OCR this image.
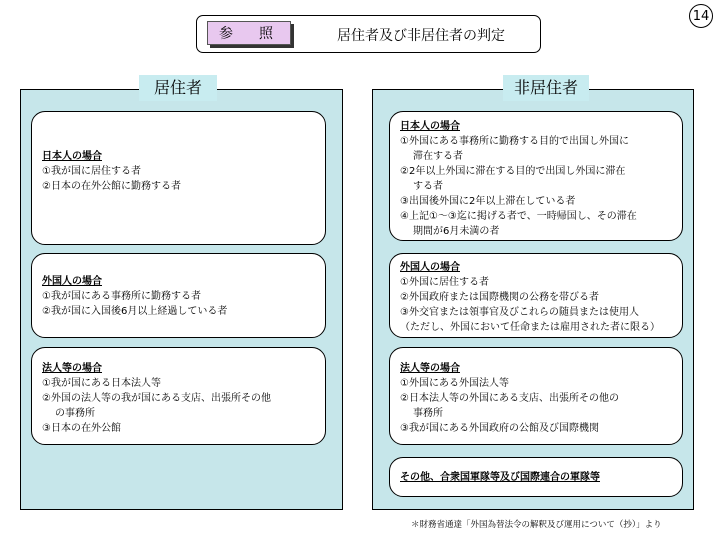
14
参　照	居住者及び非居住者の判定
居住者
日本人の場合
①我が国に居住する者
②日本の在外公館に勤務する者
外国人の場合
①我が国にある事務所に勤務する者
②我が国に入国後6月以上経過している者
法人等の場合
①我が国にある日本法人等
②外国の法人等の我が国にある支店、出張所その他
の事務所
③日本の在外公館
非居住者
日本人の場合
①外国にある事務所に勤務する目的で出国し外国に
滞在する者
②2年以上外国に滞在する目的で出国し外国に滞在
する者
③出国後外国に2年以上滞在している者
④上記①～③迄に掲げる者で、一時帰国し、その滞在
期間が6月未満の者
外国人の場合
①外国に居住する者
②外国政府または国際機関の公務を帯びる者
③外交官または領事官及びこれらの随員または使用人
（ただし、外国において任命または雇用された者に限る）
法人等の場合
①外国にある外国法人等
②日本法人等の外国にある支店、出張所その他の
事務所
③我が国にある外国政府の公館及び国際機関
その他、合衆国軍隊等及び国際連合の軍隊等
＊財務省通達「外国為替法令の解釈及び運用について（抄）」より
